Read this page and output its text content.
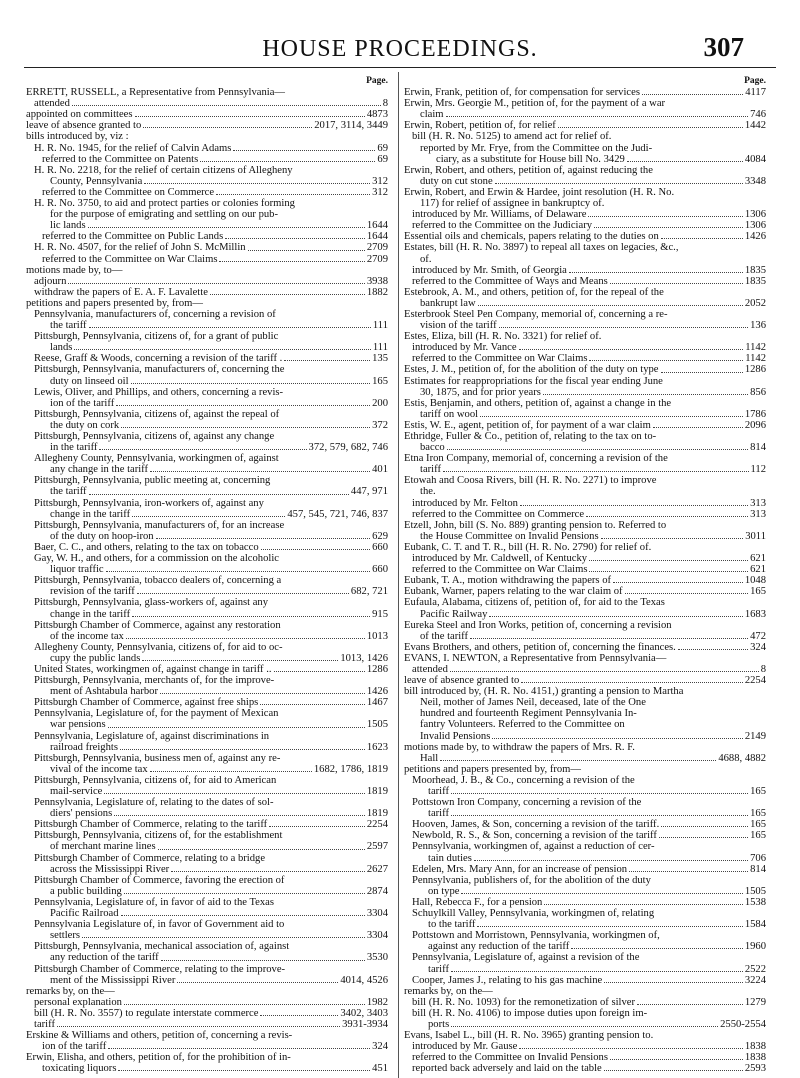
HOUSE PROCEEDINGS.	307
Page.
ERRETT, RUSSELL, a Representative from Pennsylvania—
attended	8
appointed on committees	4873
leave of absence granted to	2017, 3114, 3449
bills introduced by, viz :
H. R. No. 1945, for the relief of Calvin Adams	69
referred to the Committee on Patents	69
H. R. No. 2218, for the relief of certain citizens of Allegheny
County, Pennsylvania	312
referred to the Committee on Commerce	312
H. R. No. 3750, to aid and protect parties or colonies forming
for the purpose of emigrating and settling on our pub-
lic lands	1644
referred to the Committee on Public Lands	1644
H. R. No. 4507, for the relief of John S. McMillin	2709
referred to the Committee on War Claims	2709
motions made by, to—
adjourn	3938
withdraw the papers of E. A. F. Lavalette	1882
petitions and papers presented by, from—
Pennsylvania, manufacturers of, concerning a revision of
the tariff	111
Pittsburgh, Pennsylvania, citizens of, for a grant of public
lands	111
Reese, Graff & Woods, concerning a revision of the tariff .	135
Pittsburgh, Pennsylvania, manufacturers of, concerning the
duty on linseed oil	165
Lewis, Oliver, and Phillips, and others, concerning a revis-
ion of the tariff	200
Pittsburgh, Pennsylvania, citizens of, against the repeal of
the duty on cork	372
Pittsburgh, Pennsylvania, citizens of, against any change
in the tariff	372, 579, 682, 746
Allegheny County, Pennsylvania, workingmen of, against
any change in the tariff	401
Pittsburgh, Pennsylvania, public meeting at, concerning
the tariff	447, 971
Pittsburgh, Pennsylvania, iron-workers of, against any
change in the tariff	457, 545, 721, 746, 837
Pittsburgh, Pennsylvania, manufacturers of, for an increase
of the duty on hoop-iron	629
Baer, C. C., and others, relating to the tax on tobacco	660
Gay, W. H., and others, for a commission on the alcoholic
liquor traffic	660
Pittsburgh, Pennsylvania, tobacco dealers of, concerning a
revision of the tariff	682, 721
Pittsburgh, Pennsylvania, glass-workers of, against any
change in the tariff	915
Pittsburgh Chamber of Commerce, against any restoration
of the income tax	1013
Allegheny County, Pennsylvania, citizens of, for aid to oc-
cupy the public lands	1013, 1426
United States, workingmen of, against change in tariff ..	1286
Pittsburgh, Pennsylvania, merchants of, for the improve-
ment of Ashtabula harbor	1426
Pittsburgh Chamber of Commerce, against free ships	1467
Pennsylvania, Legislature of, for the payment of Mexican
war pensions	1505
Pennsylvania, Legislature of, against discriminations in
railroad freights	1623
Pittsburgh, Pennsylvania, business men of, against any re-
vival of the income tax	1682, 1786, 1819
Pittsburgh, Pennsylvania, citizens of, for aid to American
mail-service	1819
Pennsylvania, Legislature of, relating to the dates of sol-
diers' pensions	1819
Pittsburgh Chamber of Commerce, relating to the tariff	2254
Pittsburgh, Pennsylvania, citizens of, for the establishment
of merchant marine lines	2597
Pittsburgh Chamber of Commerce, relating to a bridge
across the Mississippi River	2627
Pittsburgh Chamber of Commerce, favoring the erection of
a public building	2874
Pennsylvania, Legislature of, in favor of aid to the Texas
Pacific Railroad	3304
Pennsylvania Legislature of, in favor of Government aid to
settlers	3304
Pittsburgh, Pennsylvania, mechanical association of, against
any reduction of the tariff	3530
Pittsburgh Chamber of Commerce, relating to the improve-
ment of the Mississippi River	4014, 4526
remarks by, on the—
personal explanation	1982
bill (H. R. No. 3557) to regulate interstate commerce	3402, 3403
tariff	3931-3934
Erskine & Williams and others, petition of, concerning a revis-
ion of the tariff	324
Erwin, Elisha, and others, petition of, for the prohibition of in-
toxicating liquors	451
Page.
Erwin, Frank, petition of, for compensation for services	4117
Erwin, Mrs. Georgie M., petition of, for the payment of a war
claim	746
Erwin, Robert, petition of, for relief	1442
bill (H. R. No. 5125) to amend act for relief of.
reported by Mr. Frye, from the Committee on the Judi-
ciary, as a substitute for House bill No. 3429	4084
Erwin, Robert, and others, petition of, against reducing the
duty on cut stone	3348
Erwin, Robert, and Erwin & Hardee, joint resolution (H. R. No.
117) for relief of assignee in bankruptcy of.
introduced by Mr. Williams, of Delaware	1306
referred to the Committee on the Judiciary	1306
Essential oils and chemicals, papers relating to the duties on	1426
Estates, bill (H. R. No. 3897) to repeal all taxes on legacies, &c.,
of.
introduced by Mr. Smith, of Georgia	1835
referred to the Committee of Ways and Means	1835
Estebrook, A. M., and others, petition of, for the repeal of the
bankrupt law	2052
Esterbrook Steel Pen Company, memorial of, concerning a re-
vision of the tariff	136
Estes, Eliza, bill (H. R. No. 3321) for relief of.
introduced by Mr. Vance	1142
referred to the Committee on War Claims	1142
Estes, J. M., petition of, for the abolition of the duty on type	1286
Estimates for reappropriations for the fiscal year ending June
30, 1875, and for prior years	856
Estis, Benjamin, and others, petition of, against a change in the
tariff on wool	1786
Estis, W. E., agent, petition of, for payment of a war claim	2096
Ethridge, Fuller & Co., petition of, relating to the tax on to-
bacco	814
Etna Iron Company, memorial of, concerning a revision of the
tariff	112
Etowah and Coosa Rivers, bill (H. R. No. 2271) to improve
the.
introduced by Mr. Felton	313
referred to the Committee on Commerce	313
Etzell, John, bill (S. No. 889) granting pension to. Referred to
the House Committee on Invalid Pensions	3011
Eubank, C. T. and T. R., bill (H. R. No. 2790) for relief of.
introduced by Mr. Caldwell, of Kentucky	621
referred to the Committee on War Claims	621
Eubank, T. A., motion withdrawing the papers of	1048
Eubank, Warner, papers relating to the war claim of	165
Eufaula, Alabama, citizens of, petition of, for aid to the Texas
Pacific Railway	1683
Eureka Steel and Iron Works, petition of, concerning a revision
of the tariff	472
Evans Brothers, and others, petition of, concerning the finances.	324
EVANS, I. NEWTON, a Representative from Pennsylvania—
attended	8
leave of absence granted to	2254
bill introduced by, (H. R. No. 4151,) granting a pension to Martha
Neil, mother of James Neil, deceased, late of the One
hundred and fourteenth Regiment Pennsylvania In-
fantry Volunteers. Referred to the Committee on
Invalid Pensions	2149
motions made by, to withdraw the papers of Mrs. R. F.
Hall	4688, 4882
petitions and papers presented by, from—
Moorhead, J. B., & Co., concerning a revision of the
tariff	165
Pottstown Iron Company, concerning a revision of the
tariff	165
Hooven, James, & Son, concerning a revision of the tariff.	165
Newbold, R. S., & Son, concerning a revision of the tariff	165
Pennsylvania, workingmen of, against a reduction of cer-
tain duties	706
Edelen, Mrs. Mary Ann, for an increase of pension	814
Pennsylvania, publishers of, for the abolition of the duty
on type	1505
Hall, Rebecca F., for a pension	1538
Schuylkill Valley, Pennsylvania, workingmen of, relating
to the tariff	1584
Pottstown and Morristown, Pennsylvania, workingmen of,
against any reduction of the tariff	1960
Pennsylvania, Legislature of, against a revision of the
tariff	2522
Cooper, James J., relating to his gas machine	3224
remarks by, on the—
bill (H. R. No. 1093) for the remonetization of silver	1279
bill (H. R. No. 4106) to impose duties upon foreign im-
ports	2550-2554
Evans, Isabel L., bill (H. R. No. 3965) granting pension to.
introduced by Mr. Gause	1838
referred to the Committee on Invalid Pensions	1838
reported back adversely and laid on the table	2593
